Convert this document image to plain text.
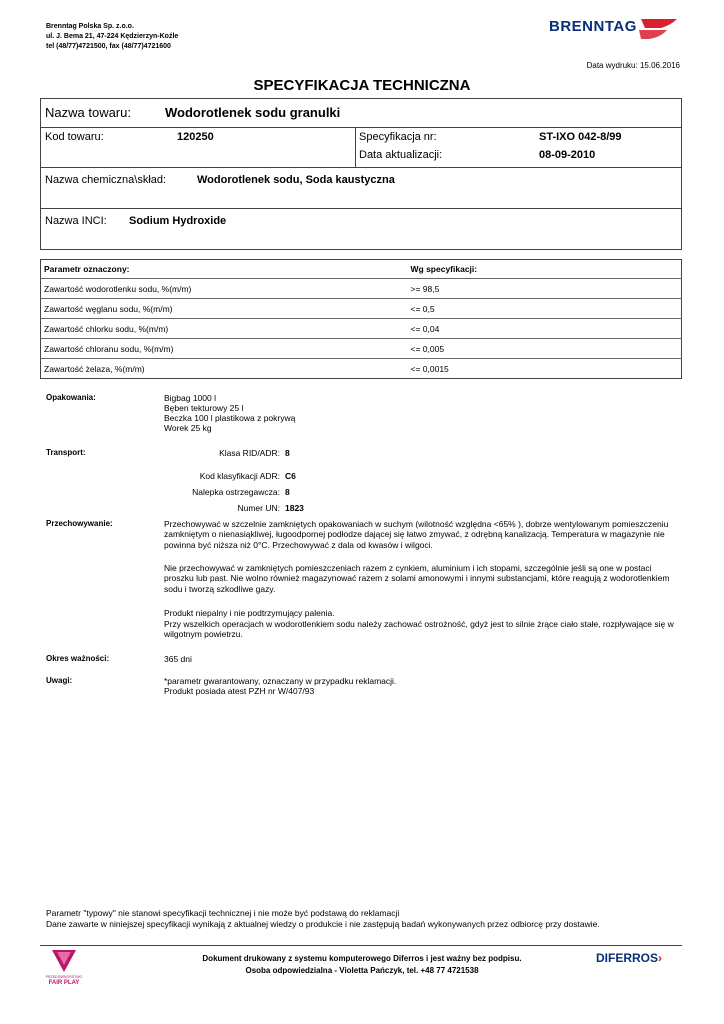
Brenntag Polska Sp. z.o.o.
ul. J. Bema 21, 47-224 Kędzierzyn-Koźle
tel (48/77)4721500, fax (48/77)4721600
BRENNTAG
Data wydruku: 15.06.2016
SPECYFIKACJA TECHNICZNA
Nazwa towaru:	Wodorotlenek sodu granulki
Kod towaru:	120250	Specyfikacja nr:	ST-IXO 042-8/99
Data aktualizacji:	08-09-2010
Nazwa chemiczna\skład:	Wodorotlenek sodu, Soda kaustyczna
Nazwa INCI: Sodium Hydroxide
Parametr oznaczony:	Wg specyfikacji:
Zawartość wodorotlenku sodu, %(m/m)	>= 98,5
Zawartość węglanu sodu, %(m/m)	<= 0,5
Zawartość chlorku sodu, %(m/m)	<= 0,04
Zawartość chloranu sodu, %(m/m)	<= 0,005
Zawartość żelaza, %(m/m)	<= 0,0015
Opakowania:	Bigbag 1000 l
Bęben tekturowy 25 l
Beczka 100 l plastikowa z pokrywą
Worek 25 kg
Transport:	Klasa RID/ADR: 8
Kod klasyfikacji ADR: C6
Nalepka ostrzegawcza: 8
Numer UN: 1823
Przechowywanie:	Przechowywać w szczelnie zamkniętych opakowaniach w suchym (wilotność względna <65% ), dobrze wentylowanym pomieszczeniu zamkniętym o nienasiąkliwej, ługoodpornej podłodze dającej się łatwo zmywać, z odrębną kanalizacją. Temperatura w magazynie nie powinna być niższa niż 0°C. Przechowywać z dala od kwasów i wilgoci.
Nie przechowywać w zamkniętych pomieszczeniach razem z cynkiem, aluminium i ich stopami, szczególnie jeśli są one w postaci proszku lub past. Nie wolno również magazynować razem z solami amonowymi i innymi substancjami, które reagują z wodorotlenkiem sodu i tworzą szkodliwe gazy.
Produkt niepalny i nie podtrzymujący palenia.
Przy wszelkich operacjach w wodorotlenkiem sodu należy zachować ostrożność, gdyż jest to silnie żrące ciało stałe, rozpływające się w wilgotnym powietrzu.
Okres ważności:	365 dni
Uwagi:	*parametr gwarantowany, oznaczany w przypadku reklamacji.
Produkt posiada atest PZH nr W/407/93
Parametr "typowy" nie stanowi specyfikacji technicznej i nie może być podstawą do reklamacji
Dane zawarte w niniejszej specyfikacji wynikają z aktualnej wiedzy o produkcie i nie zastępują badań wykonywanych przez odbiorcę przy dostawie.
PRZEDSIĘBIORSTWO
FAIR PLAY
Dokument drukowany z systemu komputerowego Diferros i jest ważny bez podpisu.
Osoba odpowiedzialna - Violetta Pańczyk, tel. +48 77 4721538
DIFERROS›
